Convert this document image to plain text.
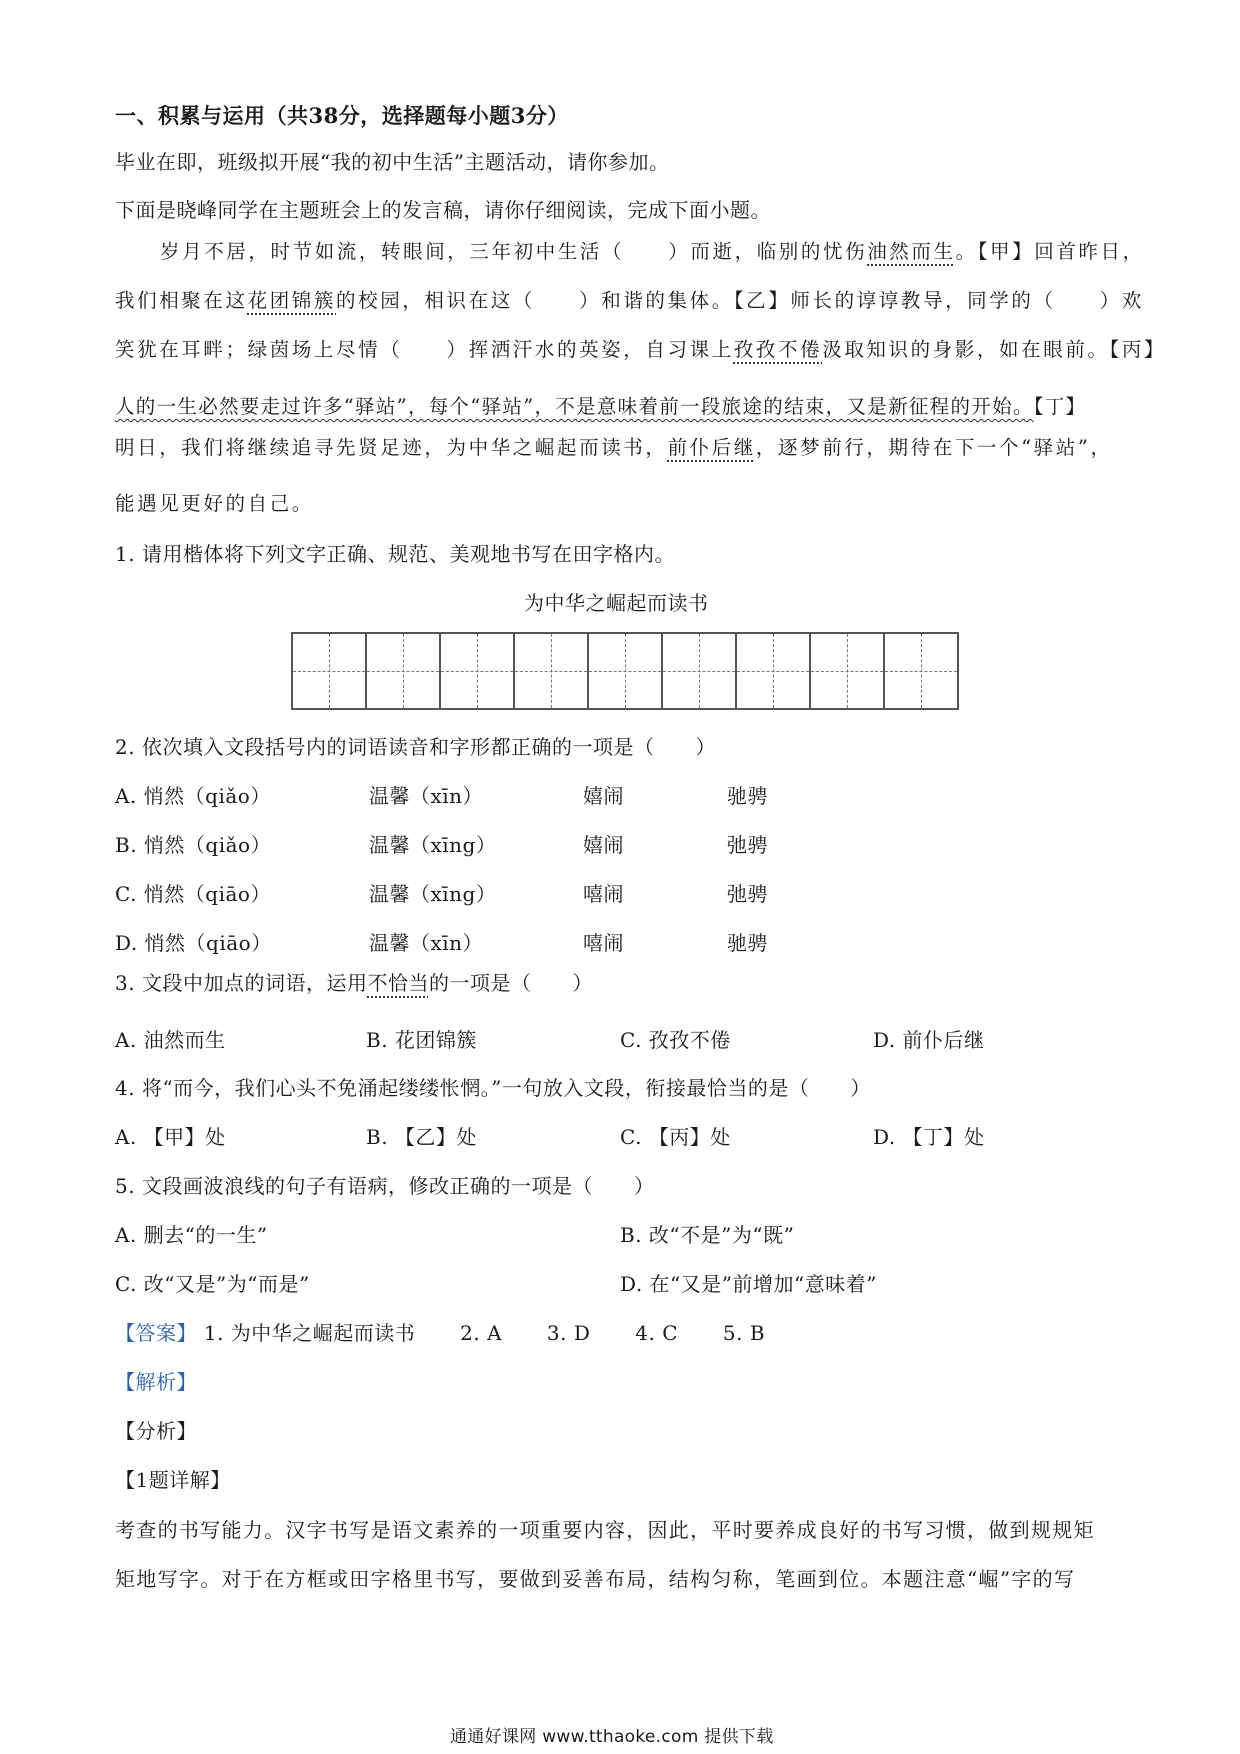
一、积累与运用（共38分，选择题每小题3分）
毕业在即，班级拟开展“我的初中生活”主题活动，请你参加。
下面是晓峰同学在主题班会上的发言稿，请你仔细阅读，完成下面小题。
岁月不居，时节如流，转眼间，三年初中生活（　　）而逝，临别的忧伤油然而生。【甲】回首昨日，
我们相聚在这花团锦簇的校园，相识在这（　　）和谐的集体。【乙】师长的谆谆教导，同学的（　　）欢
笑犹在耳畔；绿茵场上尽情（　　）挥洒汗水的英姿，自习课上孜孜不倦汲取知识的身影，如在眼前。【丙】
人的一生必然要走过许多“驿站”，每个“驿站”，不是意味着前一段旅途的结束，又是新征程的开始。【丁】
明日，我们将继续追寻先贤足迹，为中华之崛起而读书，前仆后继，逐梦前行，期待在下一个“驿站”，
能遇见更好的自己。
1. 请用楷体将下列文字正确、规范、美观地书写在田字格内。
为中华之崛起而读书
2. 依次填入文段括号内的词语读音和字形都正确的一项是（　　）
A. 悄然（qiǎo）	温馨（xīn）	嬉闹	驰骋
B. 悄然（qiǎo）	温馨（xīng）	嬉闹	弛骋
C. 悄然（qiāo）	温馨（xīng）	嘻闹	弛骋
D. 悄然（qiāo）	温馨（xīn）	嘻闹	驰骋
3. 文段中加点的词语，运用不恰当的一项是（　　）
A. 油然而生	B. 花团锦簇	C. 孜孜不倦	D. 前仆后继
4. 将“而今，我们心头不免涌起缕缕怅惘。”一句放入文段，衔接最恰当的是（　　）
A. 【甲】处	B. 【乙】处	C. 【丙】处	D. 【丁】处
5. 文段画波浪线的句子有语病，修改正确的一项是（　　）
A. 删去“的一生”	B. 改“不是”为“既”
C. 改“又是”为“而是”	D. 在“又是”前增加“意味着”
【答案】 1. 为中华之崛起而读书 2. A 3. D 4. C 5. B
【解析】
【分析】
【1题详解】
考查的书写能力。汉字书写是语文素养的一项重要内容，因此，平时要养成良好的书写习惯，做到规规矩
矩地写字。对于在方框或田字格里书写，要做到妥善布局，结构匀称，笔画到位。本题注意“崛”字的写
通通好课网 www.tthaoke.com 提供下载
